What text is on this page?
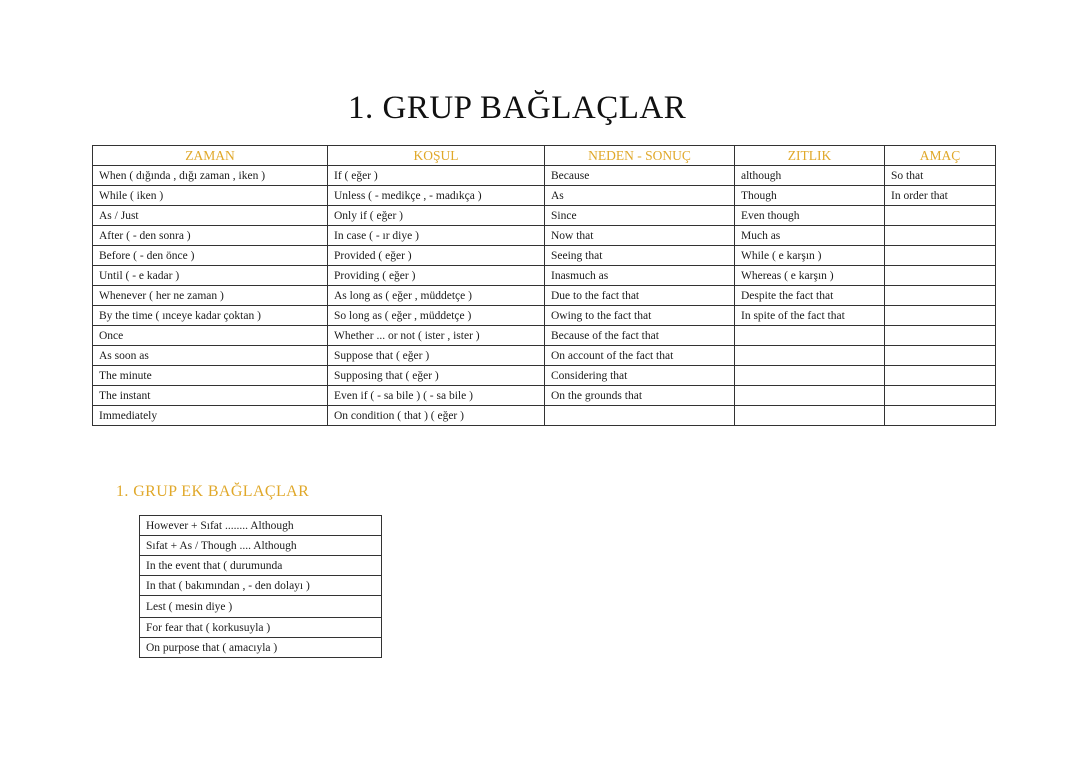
1. GRUP BAĞLAÇLAR
ZAMAN	KOŞUL	NEDEN - SONUÇ	ZITLIK	AMAÇ
When ( dığında , dığı zaman , iken )	If ( eğer )	Because	although	So that
While ( iken )	Unless ( - medikçe , - madıkça )	As	Though	In order that
As / Just	Only if ( eğer )	Since	Even though	
After ( - den sonra )	In case ( - ır diye )	Now that	Much as	
Before ( - den önce )	Provided ( eğer )	Seeing that	While ( e karşın )	
Until ( - e kadar )	Providing ( eğer )	Inasmuch as	Whereas ( e karşın )	
Whenever ( her ne zaman )	As long as ( eğer , müddetçe )	Due to the fact that	Despite the fact that	
By the time ( ınceye kadar çoktan )	So long as ( eğer , müddetçe )	Owing to the fact that	In spite of the fact that	
Once	Whether ... or not ( ister , ister )	Because of the fact that		
As soon as	Suppose that ( eğer )	On account of the fact that		
The minute	Supposing that ( eğer )	Considering that		
The instant	Even if ( - sa bile ) ( - sa bile )	On the grounds that		
Immediately	On condition ( that ) ( eğer )			
1. GRUP EK BAĞLAÇLAR
However + Sıfat ........ Although
Sıfat + As / Though .... Although
In the event that ( durumunda
In that ( bakımından , - den dolayı )
Lest ( mesin diye )
For fear that ( korkusuyla )
On purpose that ( amacıyla )
